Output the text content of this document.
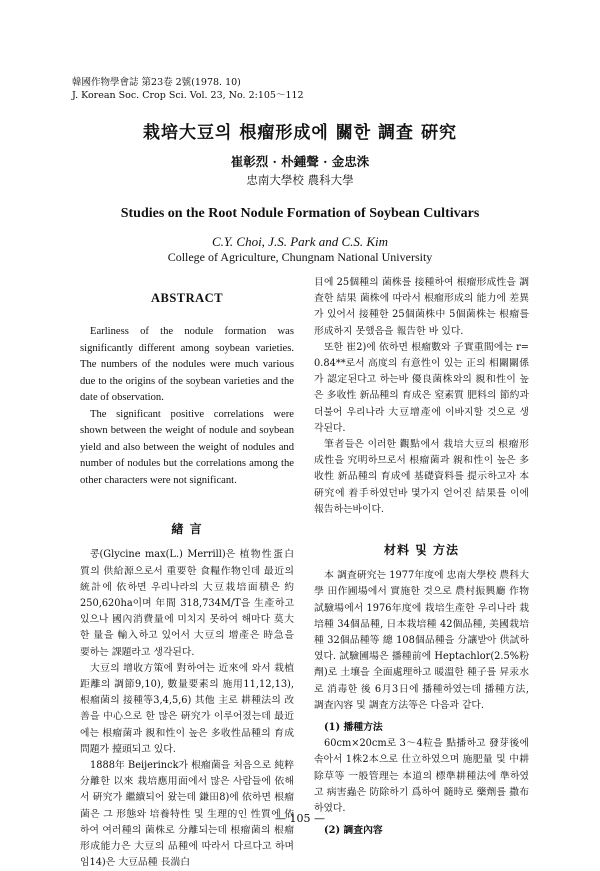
韓國作物學會誌 第23卷 2號(1978. 10)
J. Korean Soc. Crop Sci. Vol. 23, No. 2:105～112
栽培大豆의 根瘤形成에 關한 調査 硏究
崔彰烈 · 朴鍾聲 · 金忠洙
忠南大學校 農科大學
Studies on the Root Nodule Formation of Soybean Cultivars
C.Y. Choi, J.S. Park and C.S. Kim
College of Agriculture, Chungnam National University
ABSTRACT

Earliness of the nodule formation was significantly different among soybean varieties. The numbers of the nodules were much various due to the origins of the soybean varieties and the date of observation.

The significant positive correlations were shown between the weight of nodule and soybean yield and also between the weight of nodules and number of nodules but the correlations among the other characters were not significant.

緖 言

콩(Glycine max(L.) Merrill)은 植物性蛋白質의 供給源으로서 重要한 食糧作物인데 最近의 統計에 依하면 우리나라의 大豆栽培面積은 約 250,620ha이며 年間 318,734M/T을 生產하고 있으나 國內消費量에 미치지 못하여 해마다 莫大한 量을 輸入하고 있어서 大豆의 增產은 時急을 要하는 課題라고 생각된다.

大豆의 增收方策에 對하여는 近來에 와서 栽植距離의 調節9,10), 數量要素의 施用11,12,13), 根瘤菌의 接種等3,4,5,6) 其他 主로 耕種法의 改善을 中心으로 한 많은 硏究가 이루어졌는데 最近에는 根瘤菌과 親和性이 높은 多收性品種의 育成問題가 擡頭되고 있다.

1888年 Beijerinck가 根瘤菌을 처음으로 純粹分離한 以來 栽培應用面에서 많은 사람들에 依해서 硏究가 繼續되어 왔는데 鎌田8)에 依하면 根瘤菌은 그 形態와 培養特性 및 生理的인 性質에 依하여 여러種의 菌株로 分離되는데 根瘤菌의 根瘤形成能力은 大豆의 品種에 따라서 다르다고 하며 임14)은 大豆品種 長湍白

目에 25個種의 菌株를 接種하여 根瘤形成性을 調査한 結果 菌株에 따라서 根瘤形成의 能力에 差異가 있어서 接種한 25個菌株中 5個菌株는 根瘤를 形成하지 못했음을 報告한 바 있다.

또한 崔2)에 依하면 根瘤數와 子實重間에는 r= 0.84**로서 高度의 有意性이 있는 正의 相關關係가 認定된다고 하는바 優良菌株와의 親和性이 높은 多收性 新品種의 育成은 窒素質 肥料의 節約과 더불어 우리나라 大豆增產에 이바지할 것으로 생각된다.

筆者들은 이러한 觀點에서 栽培大豆의 根瘤形成性을 究明하므로서 根瘤菌과 親和性이 높은 多收性 新品種의 育成에 基礎資料를 提示하고자 本 硏究에 着手하였던바 몇가지 얻어진 結果를 이에 報告하는바이다.

材料 및 方法

本 調査硏究는 1977年度에 忠南大學校 農科大學 田作圃場에서 實施한 것으로 農村振興廳 作物試驗場에서 1976年度에 栽培生產한 우리나라 栽培種 34個品種, 日本栽培種 42個品種, 美國栽培種 32個品種等 總 108個品種을 分讓받아 供試하였다. 試驗圃場은 播種前에 Heptachlor(2.5%粉劑)로 土壤을 全面處理하고 暖溫한 種子를 昇汞水로 消毒한 後 6月3日에 播種하였는데 播種方法, 調査內容 및 調査方法等은 다음과 같다.

(1) 播種方法

60cm×20cm로 3～4粒을 點播하고 發芽後에 솎아서 1株2本으로 仕立하였으며 施肥量 및 中耕除草等 一般管理는 本道의 標準耕種法에 準하였고 病害蟲은 防除하기 爲하여 隨時로 藥劑를 撒布하였다.

(2) 調査內容

— 105 —
